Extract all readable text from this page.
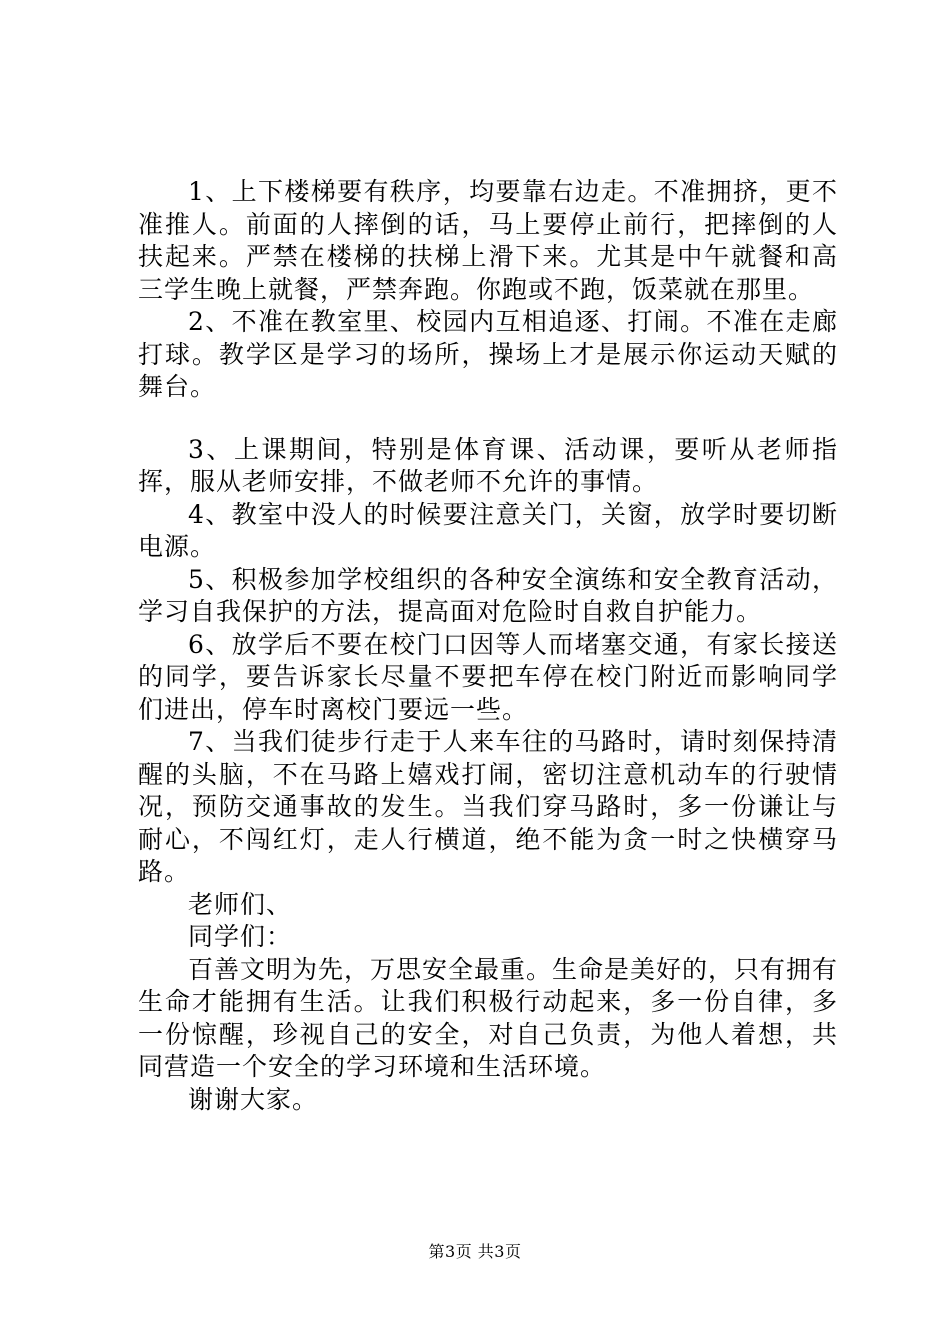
1、上下楼梯要有秩序，均要靠右边走。不准拥挤，更不准推人。前面的人摔倒的话，马上要停止前行，把摔倒的人扶起来。严禁在楼梯的扶梯上滑下来。尤其是中午就餐和高三学生晚上就餐，严禁奔跑。你跑或不跑，饭菜就在那里。

2、不准在教室里、校园内互相追逐、打闹。不准在走廊打球。教学区是学习的场所，操场上才是展示你运动天赋的舞台。

3、上课期间，特别是体育课、活动课，要听从老师指挥，服从老师安排，不做老师不允许的事情。

4、教室中没人的时候要注意关门，关窗，放学时要切断电源。

5、积极参加学校组织的各种安全演练和安全教育活动，学习自我保护的方法，提高面对危险时自救自护能力。

6、放学后不要在校门口因等人而堵塞交通，有家长接送的同学，要告诉家长尽量不要把车停在校门附近而影响同学们进出，停车时离校门要远一些。

7、当我们徒步行走于人来车往的马路时，请时刻保持清醒的头脑，不在马路上嬉戏打闹，密切注意机动车的行驶情况，预防交通事故的发生。当我们穿马路时，多一份谦让与耐心，不闯红灯，走人行横道，绝不能为贪一时之快横穿马路。

老师们、

同学们：

百善文明为先，万思安全最重。生命是美好的，只有拥有生命才能拥有生活。让我们积极行动起来，多一份自律，多一份惊醒，珍视自己的安全，对自己负责，为他人着想，共同营造一个安全的学习环境和生活环境。

谢谢大家。

第3页 共3页
